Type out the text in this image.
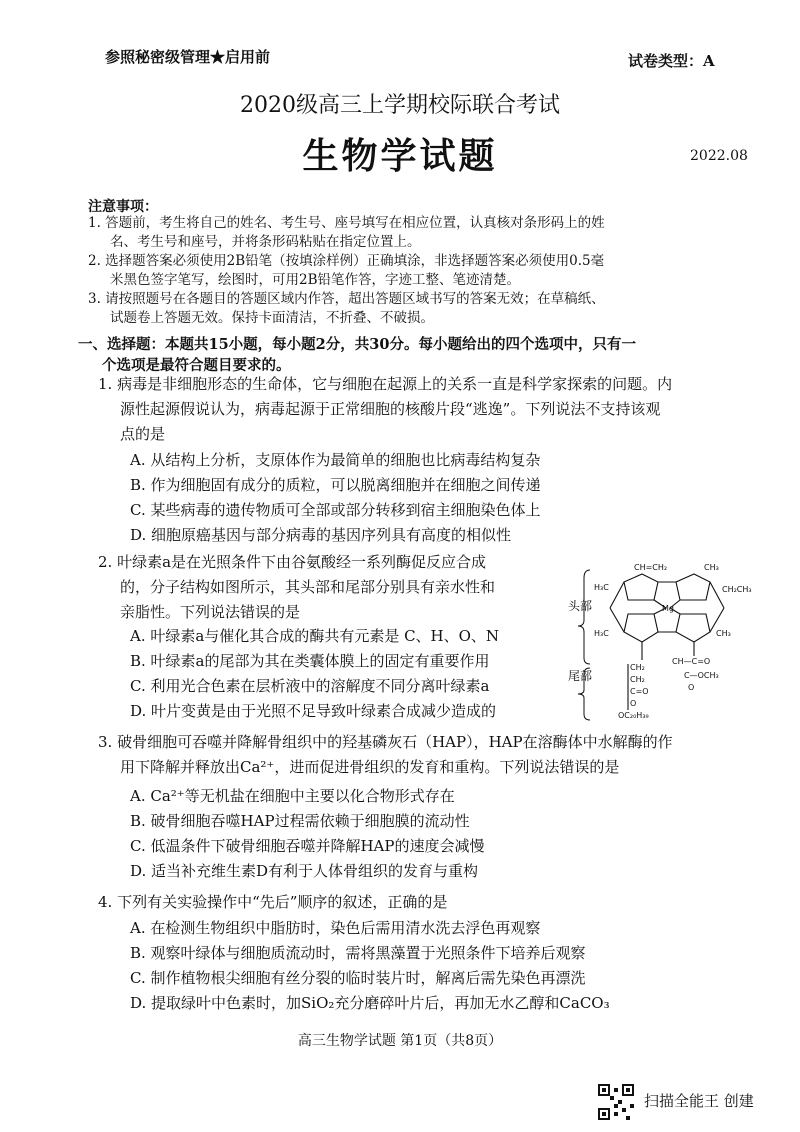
参照秘密级管理★启用前	试卷类型：A
2020级高三上学期校际联合考试
生物学试题	2022.08
注意事项：
1. 答题前，考生将自己的姓名、考生号、座号填写在相应位置，认真核对条形码上的姓
名、考生号和座号，并将条形码粘贴在指定位置上。
2. 选择题答案必须使用2B铅笔（按填涂样例）正确填涂，非选择题答案必须使用0.5毫
米黑色签字笔写，绘图时，可用2B铅笔作答，字迹工整、笔迹清楚。
3. 请按照题号在各题目的答题区域内作答，超出答题区域书写的答案无效；在草稿纸、
试题卷上答题无效。保持卡面清洁，不折叠、不破损。
一、选择题：本题共15小题，每小题2分，共30分。每小题给出的四个选项中，只有一
个选项是最符合题目要求的。
1. 病毒是非细胞形态的生命体，它与细胞在起源上的关系一直是科学家探索的问题。内
源性起源假说认为，病毒起源于正常细胞的核酸片段“逃逸”。下列说法不支持该观
点的是
A. 从结构上分析，支原体作为最简单的细胞也比病毒结构复杂
B. 作为细胞固有成分的质粒，可以脱离细胞并在细胞之间传递
C. 某些病毒的遗传物质可全部或部分转移到宿主细胞染色体上
D. 细胞原癌基因与部分病毒的基因序列具有高度的相似性
2. 叶绿素a是在光照条件下由谷氨酸经一系列酶促反应合成
的，分子结构如图所示，其头部和尾部分别具有亲水性和
亲脂性。下列说法错误的是
A. 叶绿素a与催化其合成的酶共有元素是 C、H、O、N
B. 叶绿素a的尾部为其在类囊体膜上的固定有重要作用
C. 利用光合色素在层析液中的溶解度不同分离叶绿素a
D. 叶片变黄是由于光照不足导致叶绿素合成减少造成的
头部
尾部
CH=CH₂	CH₃
H₃C	CH₂CH₃
Mg
H₃C	CH₃
CH₂
CH₂
C=O
O
OC₂₀H₃₉
CH—C=O
C—OCH₃
O
3. 破骨细胞可吞噬并降解骨组织中的羟基磷灰石（HAP），HAP在溶酶体中水解酶的作
用下降解并释放出Ca²⁺，进而促进骨组织的发育和重构。下列说法错误的是
A. Ca²⁺等无机盐在细胞中主要以化合物形式存在
B. 破骨细胞吞噬HAP过程需依赖于细胞膜的流动性
C. 低温条件下破骨细胞吞噬并降解HAP的速度会减慢
D. 适当补充维生素D有利于人体骨组织的发育与重构
4. 下列有关实验操作中“先后”顺序的叙述，正确的是
A. 在检测生物组织中脂肪时，染色后需用清水洗去浮色再观察
B. 观察叶绿体与细胞质流动时，需将黑藻置于光照条件下培养后观察
C. 制作植物根尖细胞有丝分裂的临时装片时，解离后需先染色再漂洗
D. 提取绿叶中色素时，加SiO₂充分磨碎叶片后，再加无水乙醇和CaCO₃
高三生物学试题 第1页（共8页）
扫描全能王 创建
